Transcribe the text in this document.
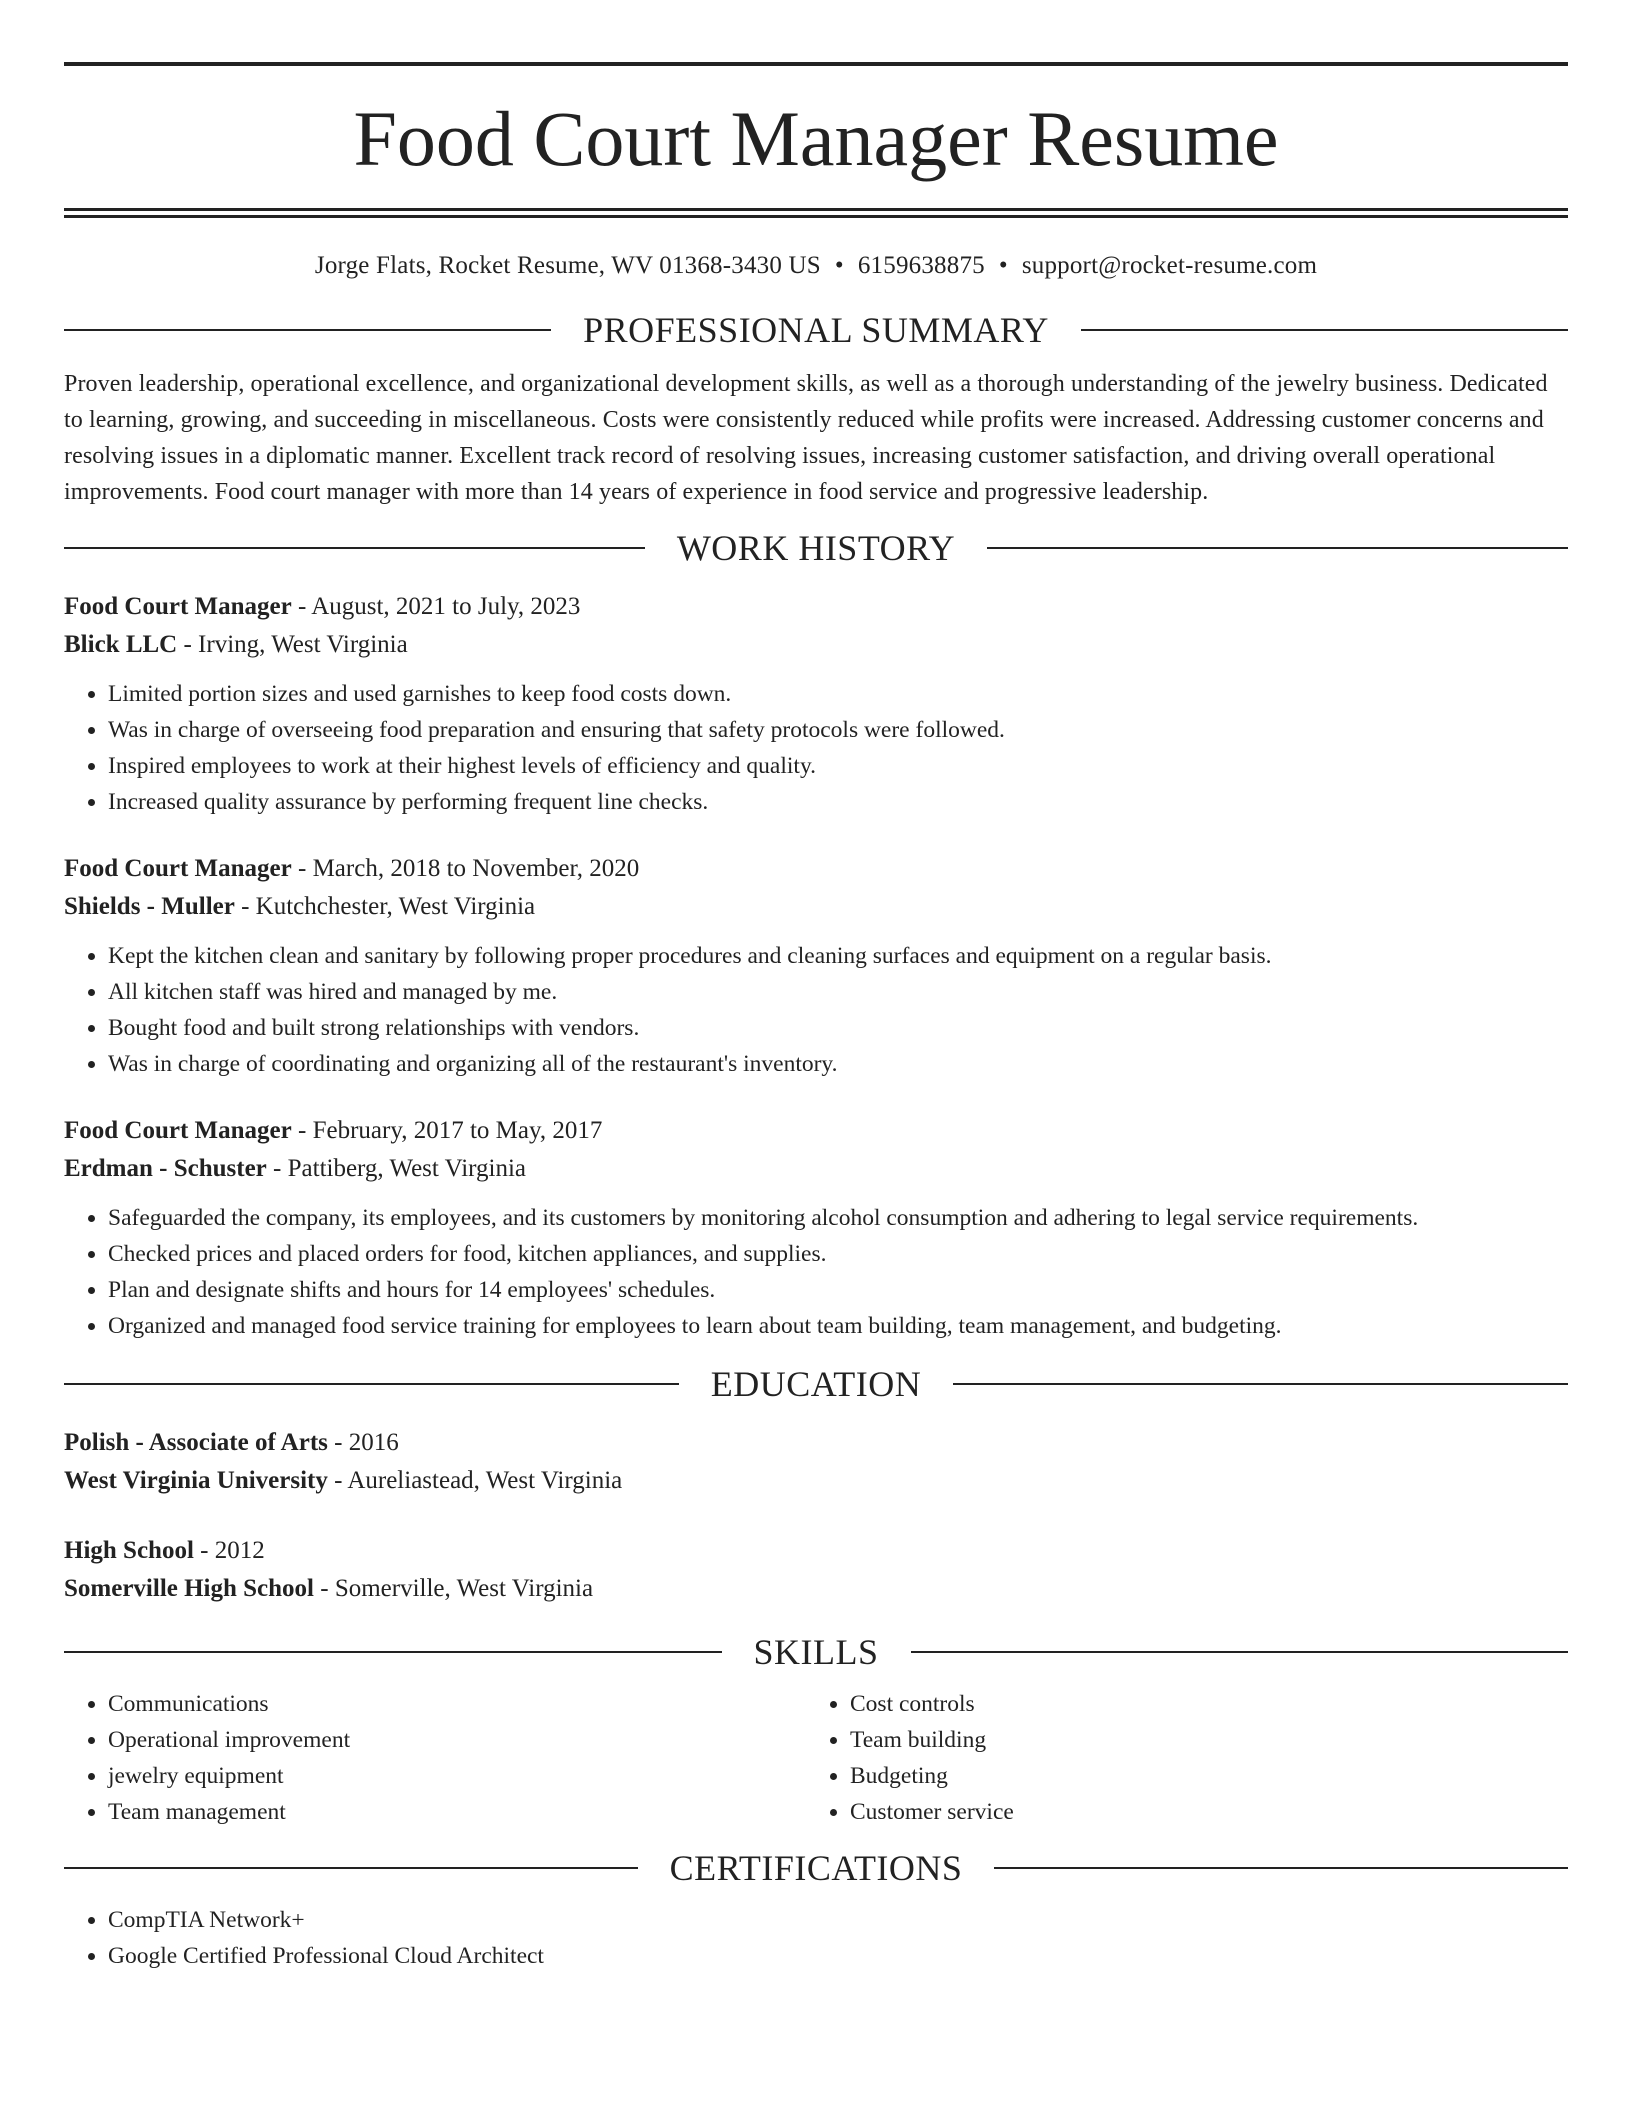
Food Court Manager Resume
Jorge Flats, Rocket Resume, WV 01368-3430 US • 6159638875 • support@rocket-resume.com
PROFESSIONAL SUMMARY
Proven leadership, operational excellence, and organizational development skills, as well as a thorough understanding of the jewelry business. Dedicated to learning, growing, and succeeding in miscellaneous. Costs were consistently reduced while profits were increased. Addressing customer concerns and resolving issues in a diplomatic manner. Excellent track record of resolving issues, increasing customer satisfaction, and driving overall operational improvements. Food court manager with more than 14 years of experience in food service and progressive leadership.
WORK HISTORY
Food Court Manager - August, 2021 to July, 2023
Blick LLC - Irving, West Virginia
• Limited portion sizes and used garnishes to keep food costs down.
• Was in charge of overseeing food preparation and ensuring that safety protocols were followed.
• Inspired employees to work at their highest levels of efficiency and quality.
• Increased quality assurance by performing frequent line checks.
Food Court Manager - March, 2018 to November, 2020
Shields - Muller - Kutchchester, West Virginia
• Kept the kitchen clean and sanitary by following proper procedures and cleaning surfaces and equipment on a regular basis.
• All kitchen staff was hired and managed by me.
• Bought food and built strong relationships with vendors.
• Was in charge of coordinating and organizing all of the restaurant's inventory.
Food Court Manager - February, 2017 to May, 2017
Erdman - Schuster - Pattiberg, West Virginia
• Safeguarded the company, its employees, and its customers by monitoring alcohol consumption and adhering to legal service requirements.
• Checked prices and placed orders for food, kitchen appliances, and supplies.
• Plan and designate shifts and hours for 14 employees' schedules.
• Organized and managed food service training for employees to learn about team building, team management, and budgeting.
EDUCATION
Polish - Associate of Arts - 2016
West Virginia University - Aureliastead, West Virginia
High School - 2012
Somerville High School - Somerville, West Virginia
SKILLS
• Communications
• Operational improvement
• jewelry equipment
• Team management
• Cost controls
• Team building
• Budgeting
• Customer service
CERTIFICATIONS
• CompTIA Network+
• Google Certified Professional Cloud Architect
